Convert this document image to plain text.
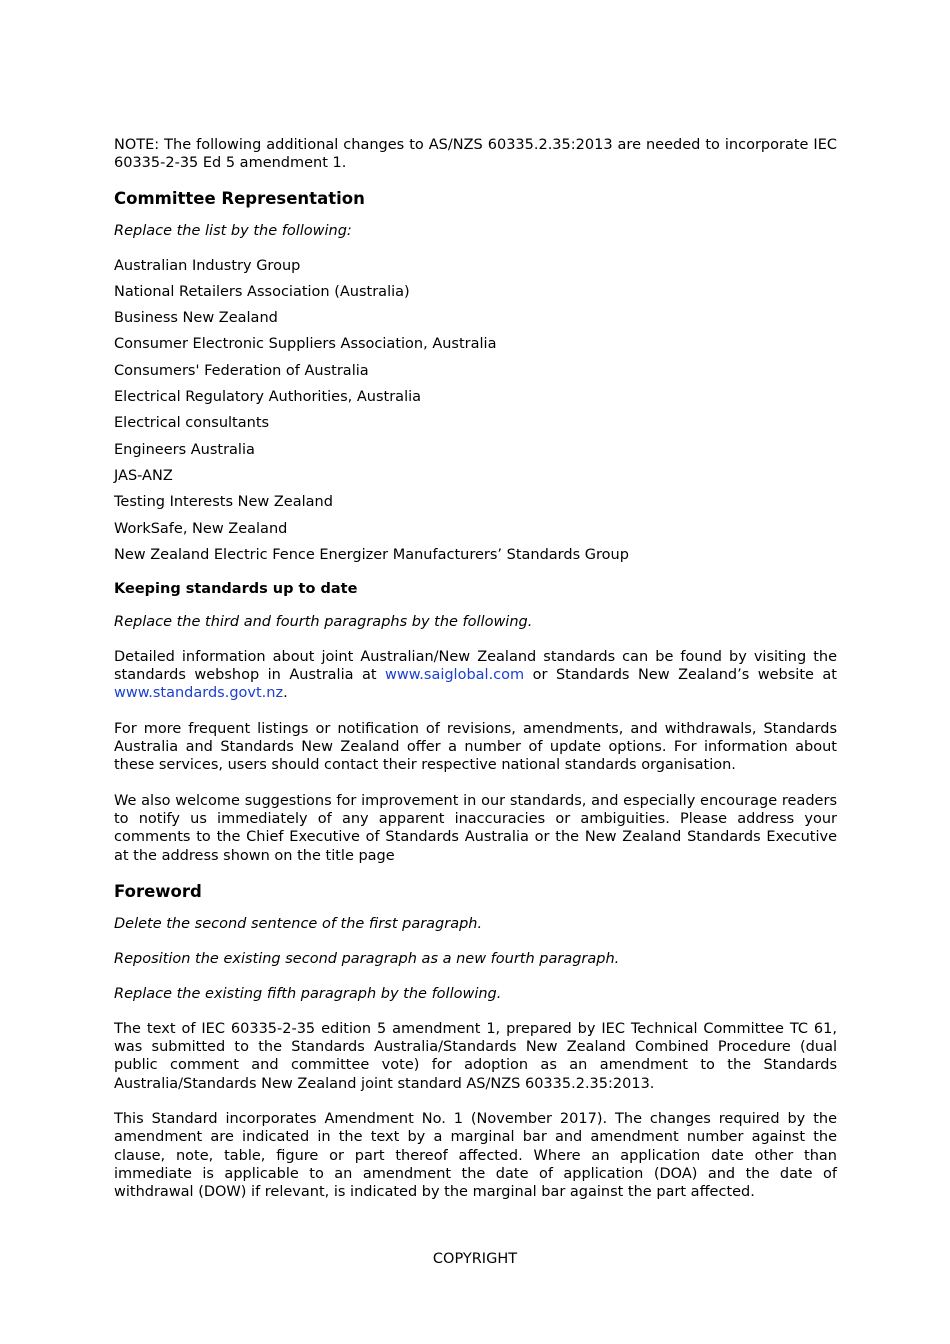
NOTE: The following additional changes to AS/NZS 60335.2.35:2013 are needed to incorporate IEC 60335-2-35 Ed 5 amendment 1.

Committee Representation
Replace the list by the following:
Australian Industry Group
National Retailers Association (Australia)
Business New Zealand
Consumer Electronic Suppliers Association, Australia
Consumers' Federation of Australia
Electrical Regulatory Authorities, Australia
Electrical consultants
Engineers Australia
JAS-ANZ
Testing Interests New Zealand
WorkSafe, New Zealand
New Zealand Electric Fence Energizer Manufacturers’ Standards Group
Keeping standards up to date
Replace the third and fourth paragraphs by the following.

Detailed information about joint Australian/New Zealand standards can be found by visiting the standards webshop in Australia at www.saiglobal.com or Standards New Zealand’s website at www.standards.govt.nz.

For more frequent listings or notification of revisions, amendments, and withdrawals, Standards Australia and Standards New Zealand offer a number of update options. For information about these services, users should contact their respective national standards organisation.

We also welcome suggestions for improvement in our standards, and especially encourage readers to notify us immediately of any apparent inaccuracies or ambiguities. Please address your comments to the Chief Executive of Standards Australia or the New Zealand Standards Executive at the address shown on the title page

Foreword
Delete the second sentence of the first paragraph.
Reposition the existing second paragraph as a new fourth paragraph.
Replace the existing fifth paragraph by the following.

The text of IEC 60335-2-35 edition 5 amendment 1, prepared by IEC Technical Committee TC 61, was submitted to the Standards Australia/Standards New Zealand Combined Procedure (dual public comment and committee vote) for adoption as an amendment to the Standards Australia/Standards New Zealand joint standard AS/NZS 60335.2.35:2013.

This Standard incorporates Amendment No. 1 (November 2017). The changes required by the amendment are indicated in the text by a marginal bar and amendment number against the clause, note, table, figure or part thereof affected. Where an application date other than immediate is applicable to an amendment the date of application (DOA) and the date of withdrawal (DOW) if relevant, is indicated by the marginal bar against the part affected.

COPYRIGHT
